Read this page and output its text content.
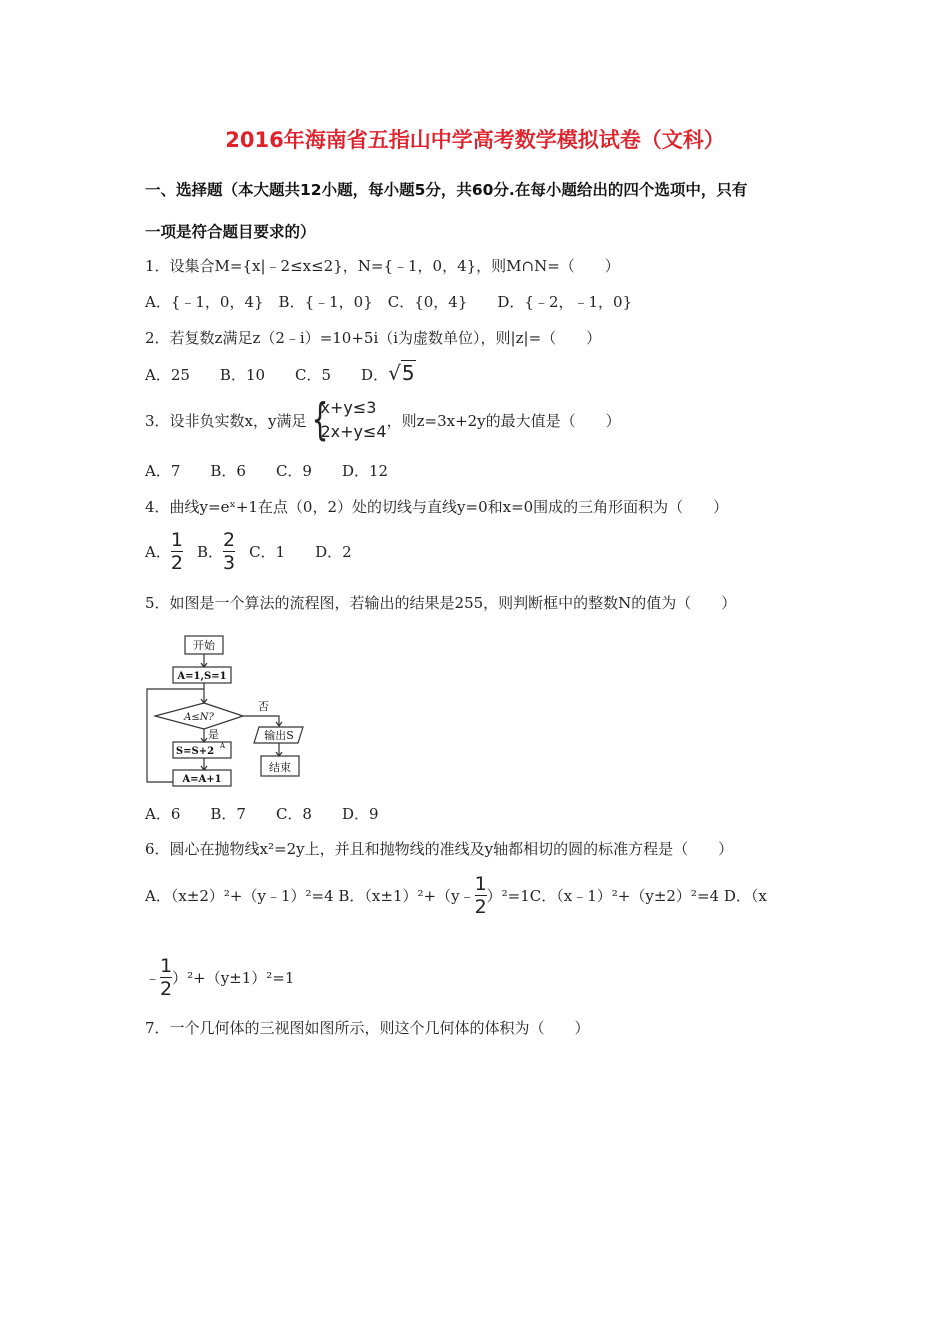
2016年海南省五指山中学高考数学模拟试卷（文科）
一、选择题（本大题共12小题，每小题5分，共60分.在每小题给出的四个选项中，只有
一项是符合题目要求的）
1．设集合M={x|﹣2≤x≤2}，N={﹣1，0，4}，则M∩N=（　　）
A．{﹣1，0，4}　B．{﹣1，0}　C．{0，4}　　D．{﹣2，﹣1，0}
2．若复数z满足z（2﹣i）=10+5i（i为虚数单位），则|z|=（　　）
A．25　　B．10　　C．5　　D．√5
3．设非负实数x，y满足 {
x+y≤3
2x+y≤4
，则z=3x+2y的最大值是（　　）
A．7　　B．6　　C．9　　D．12
4．曲线y=eˣ+1在点（0，2）处的切线与直线y=0和x=0围成的三角形面积为（　　）
A． $\frac{1}{2}$ B． $\frac{2}{3}$ C．1　　D．2
5．如图是一个算法的流程图，若输出的结果是255，则判断框中的整数N的值为（　　）
开始
A=1,S=1
A≤N?
否
是
S=S+2 A
A=A+1
输出S
结束
A．6　　B．7　　C．8　　D．9
6．圆心在抛物线x²=2y上，并且和抛物线的准线及y轴都相切的圆的标准方程是（　　）
A．（x±2）²+（y﹣1）²=4 B．（x±1）²+（y﹣ $\frac{1}{2} )^2=1C$．（x﹣1）²+（y±2）²=4 D．（x
﹣ $\frac{1}{2} )^2+(y\pm 1)^2=1$
7．一个几何体的三视图如图所示，则这个几何体的体积为（　　）
